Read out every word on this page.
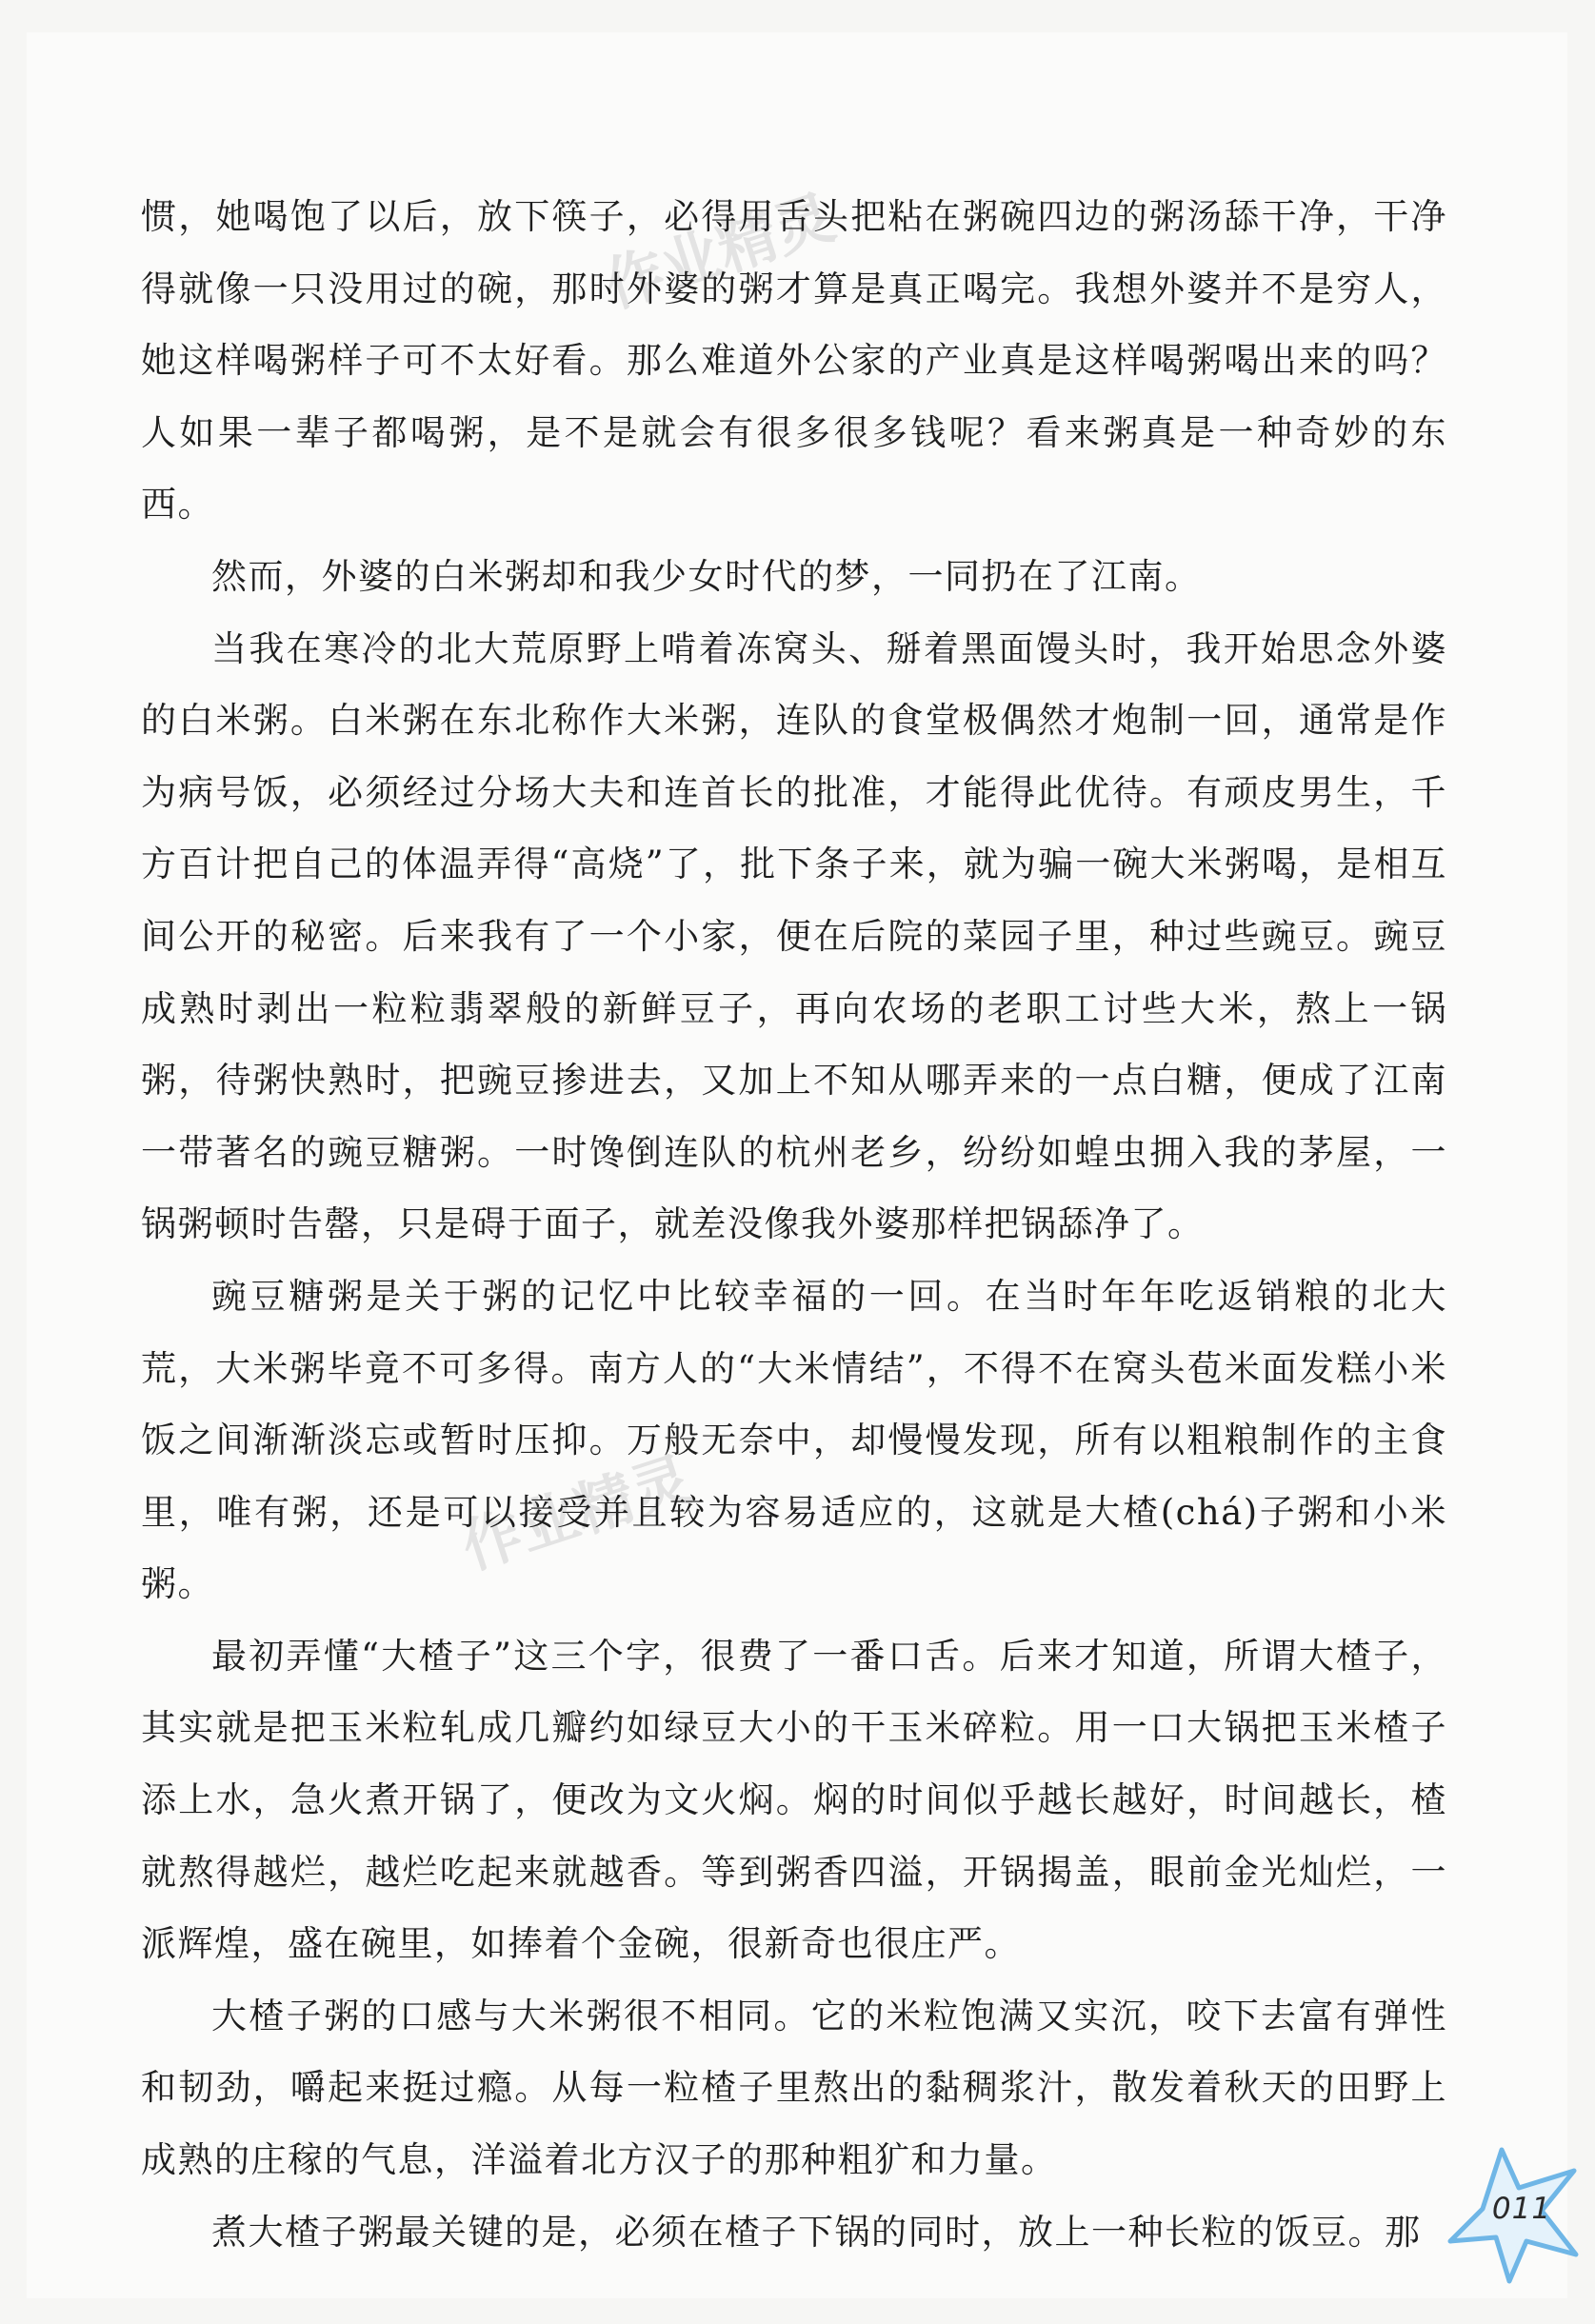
惯，她喝饱了以后，放下筷子，必得用舌头把粘在粥碗四边的粥汤舔干净，干净得就像一只没用过的碗，那时外婆的粥才算是真正喝完。我想外婆并不是穷人，她这样喝粥样子可不太好看。那么难道外公家的产业真是这样喝粥喝出来的吗？人如果一辈子都喝粥，是不是就会有很多很多钱呢？看来粥真是一种奇妙的东西。

然而，外婆的白米粥却和我少女时代的梦，一同扔在了江南。

当我在寒冷的北大荒原野上啃着冻窝头、掰着黑面馒头时，我开始思念外婆的白米粥。白米粥在东北称作大米粥，连队的食堂极偶然才炮制一回，通常是作为病号饭，必须经过分场大夫和连首长的批准，才能得此优待。有顽皮男生，千方百计把自己的体温弄得“高烧”了，批下条子来，就为骗一碗大米粥喝，是相互间公开的秘密。后来我有了一个小家，便在后院的菜园子里，种过些豌豆。豌豆成熟时剥出一粒粒翡翠般的新鲜豆子，再向农场的老职工讨些大米，熬上一锅粥，待粥快熟时，把豌豆掺进去，又加上不知从哪弄来的一点白糖，便成了江南一带著名的豌豆糖粥。一时馋倒连队的杭州老乡，纷纷如蝗虫拥入我的茅屋，一锅粥顿时告罄，只是碍于面子，就差没像我外婆那样把锅舔净了。

豌豆糖粥是关于粥的记忆中比较幸福的一回。在当时年年吃返销粮的北大荒，大米粥毕竟不可多得。南方人的“大米情结”，不得不在窝头苞米面发糕小米饭之间渐渐淡忘或暂时压抑。万般无奈中，却慢慢发现，所有以粗粮制作的主食里，唯有粥，还是可以接受并且较为容易适应的，这就是大楂(chá)子粥和小米粥。

最初弄懂“大楂子”这三个字，很费了一番口舌。后来才知道，所谓大楂子，其实就是把玉米粒轧成几瓣约如绿豆大小的干玉米碎粒。用一口大锅把玉米楂子添上水，急火煮开锅了，便改为文火焖。焖的时间似乎越长越好，时间越长，楂就熬得越烂，越烂吃起来就越香。等到粥香四溢，开锅揭盖，眼前金光灿烂，一派辉煌，盛在碗里，如捧着个金碗，很新奇也很庄严。

大楂子粥的口感与大米粥很不相同。它的米粒饱满又实沉，咬下去富有弹性和韧劲，嚼起来挺过瘾。从每一粒楂子里熬出的黏稠浆汁，散发着秋天的田野上成熟的庄稼的气息，洋溢着北方汉子的那种粗犷和力量。

煮大楂子粥最关键的是，必须在楂子下锅的同时，放上一种长粒的饭豆。那

011
